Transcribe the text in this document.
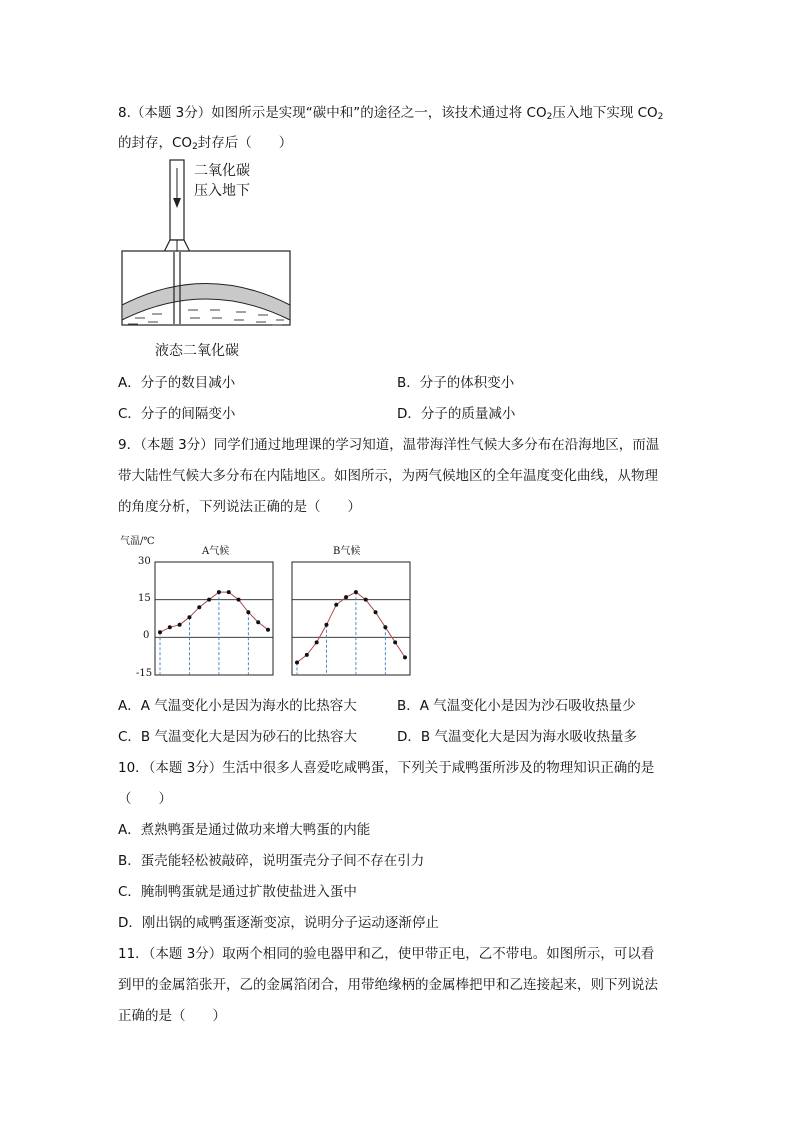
8.（本题 3分）如图所示是实现“碳中和”的途径之一，该技术通过将 $CO_2$压入地下实现 $CO_2$
的封存，$CO_2$封存后（　　）
二氧化碳
压入地下
液态二氧化碳
A．分子的数目减小	B．分子的体积变小
C．分子的间隔变小	D．分子的质量减小
9．（本题 3分）同学们通过地理课的学习知道，温带海洋性气候大多分布在沿海地区，而温
带大陆性气候大多分布在内陆地区。如图所示，为两气候地区的全年温度变化曲线，从物理
的角度分析，下列说法正确的是（　　）
气温/℃
A气候	B气候
30
15
0
-15
A．A 气温变化小是因为海水的比热容大	B．A 气温变化小是因为沙石吸收热量少
C．B 气温变化大是因为砂石的比热容大	D．B 气温变化大是因为海水吸收热量多
10．（本题 3分）生活中很多人喜爱吃咸鸭蛋，下列关于咸鸭蛋所涉及的物理知识正确的是
（　　）
A．煮熟鸭蛋是通过做功来增大鸭蛋的内能
B．蛋壳能轻松被敲碎，说明蛋壳分子间不存在引力
C．腌制鸭蛋就是通过扩散使盐进入蛋中
D．刚出锅的咸鸭蛋逐渐变凉，说明分子运动逐渐停止
11．（本题 3分）取两个相同的验电器甲和乙，使甲带正电，乙不带电。如图所示，可以看
到甲的金属箔张开，乙的金属箔闭合，用带绝缘柄的金属棒把甲和乙连接起来，则下列说法
正确的是（　　）
